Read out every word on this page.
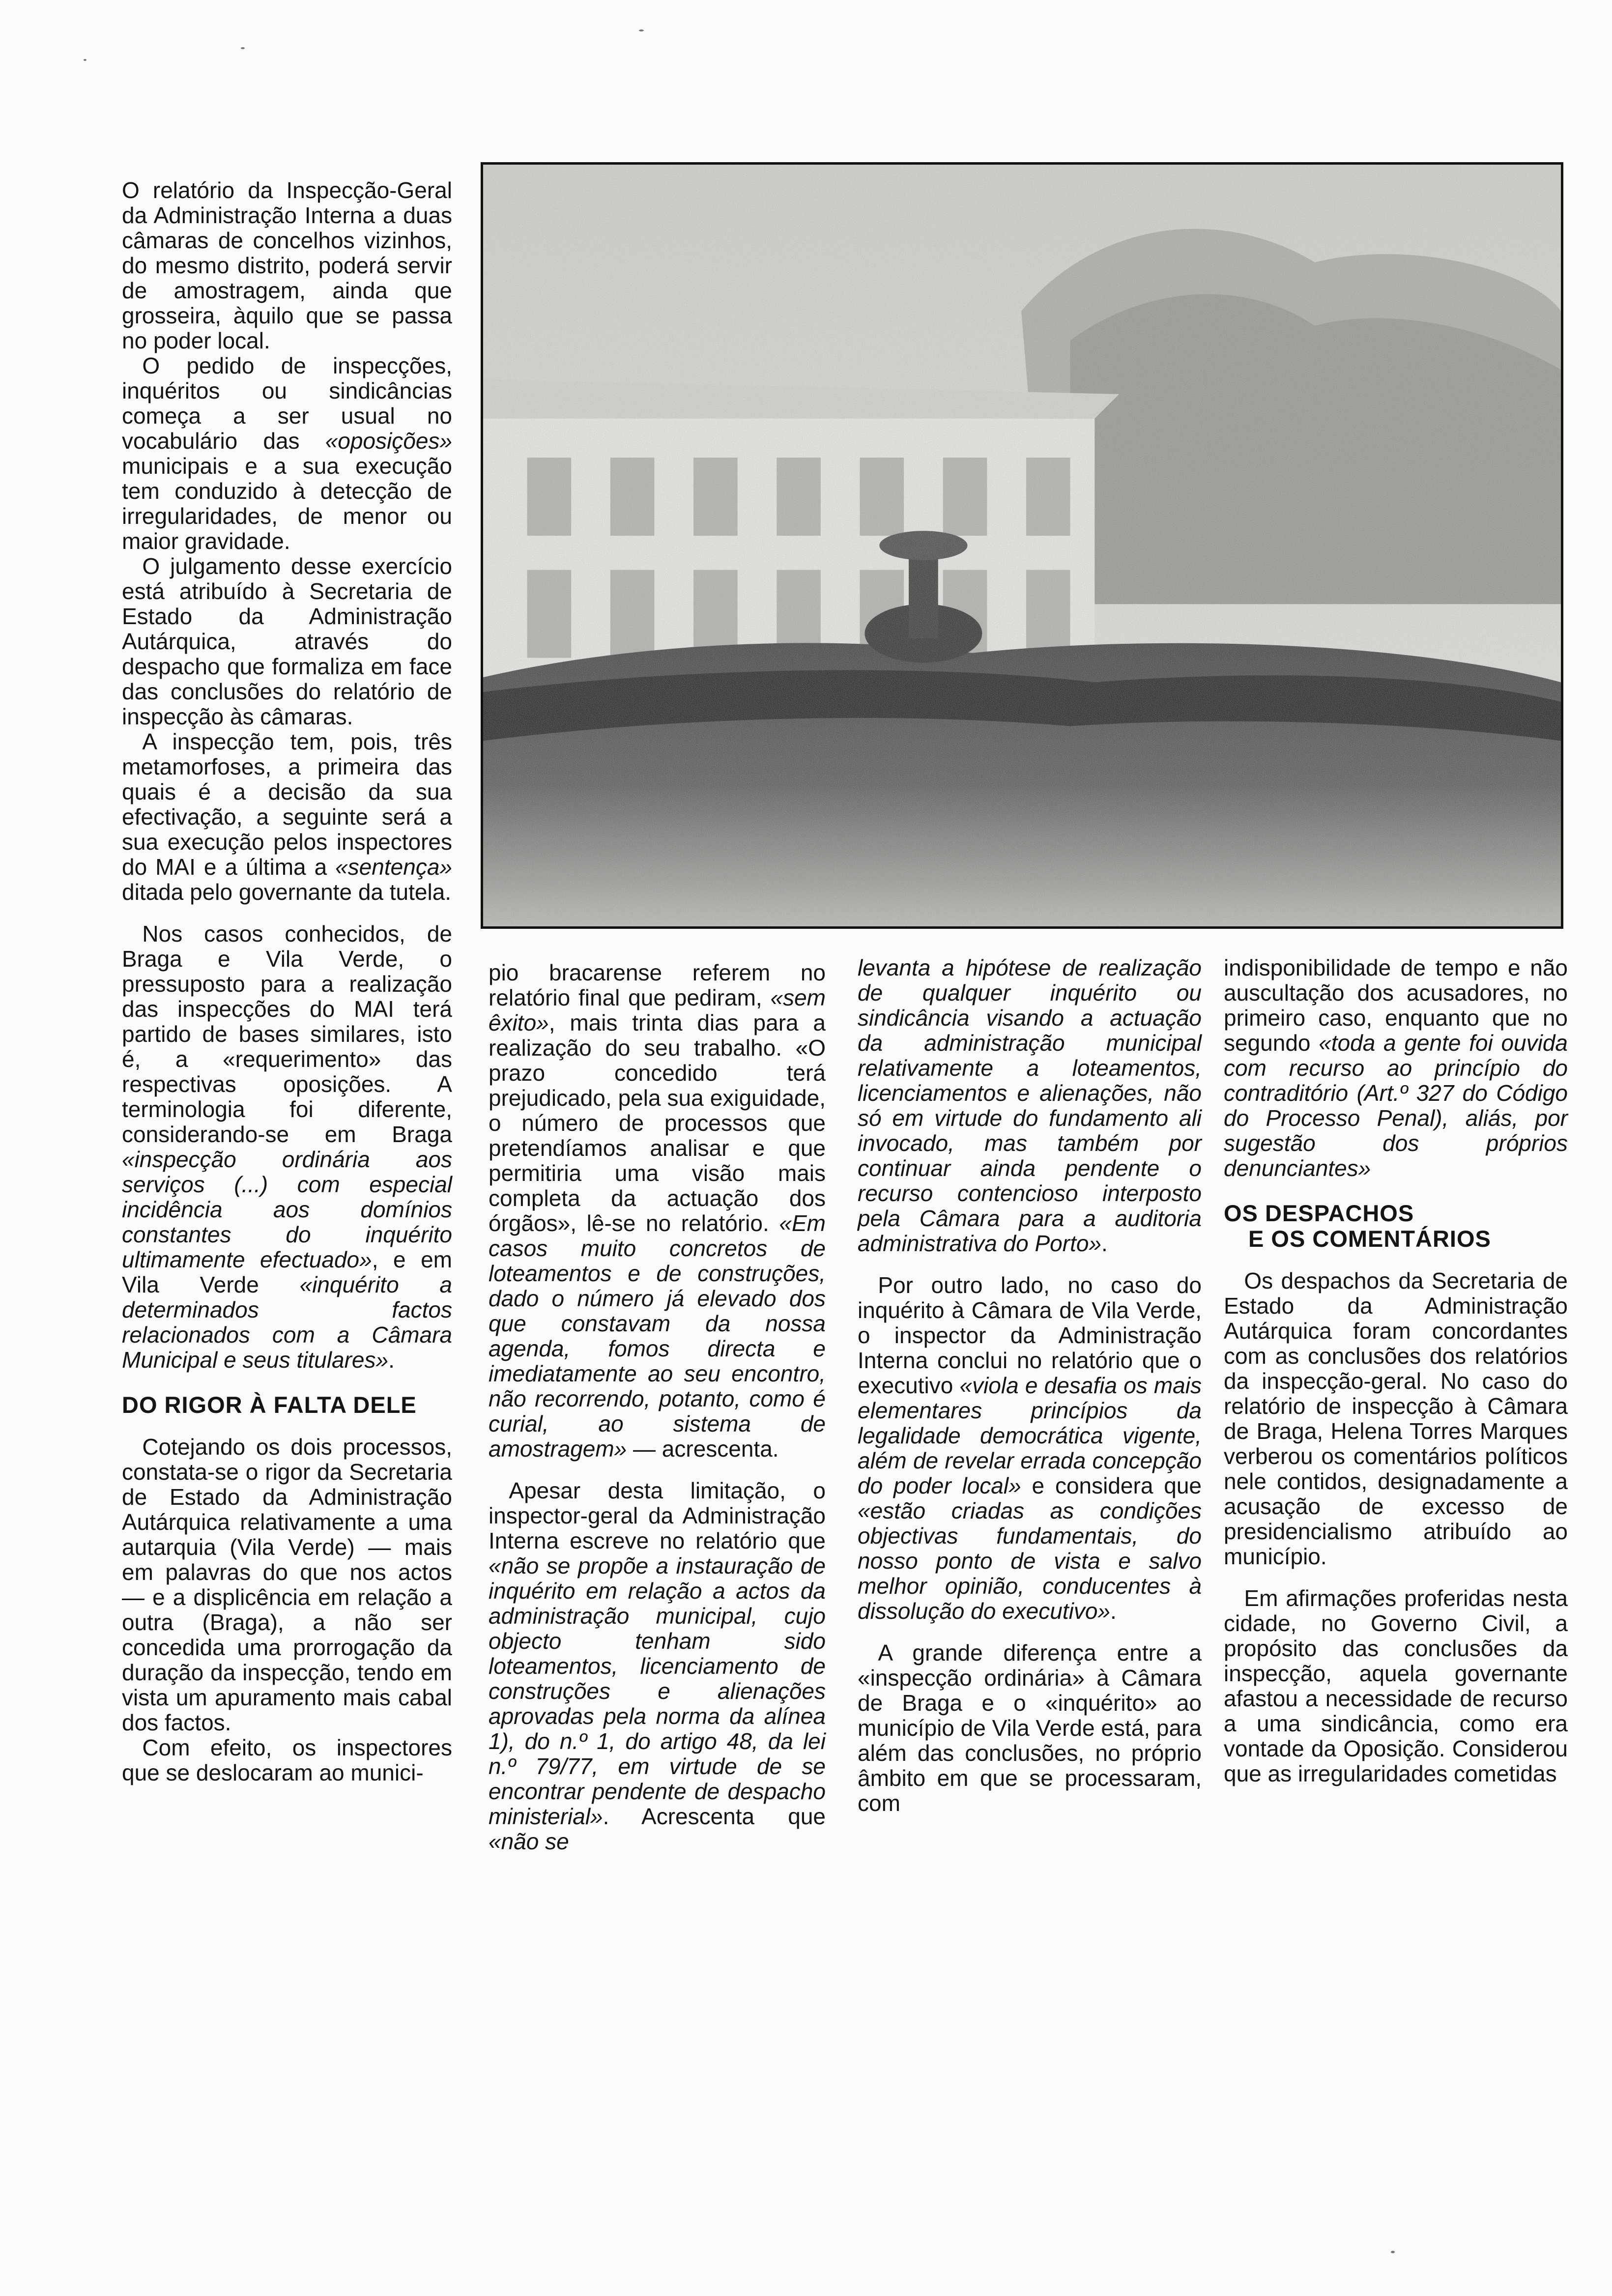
O relatório da Inspecção-Geral da Administração Interna a duas câmaras de concelhos vizinhos, do mesmo distrito, poderá servir de amostragem, ainda que grosseira, àquilo que se passa no poder local.

O pedido de inspecções, inquéritos ou sindicâncias começa a ser usual no vocabulário das «oposições» municipais e a sua execução tem conduzido à detecção de irregularidades, de menor ou maior gravidade.

O julgamento desse exercício está atribuído à Secretaria de Estado da Administração Autárquica, através do despacho que formaliza em face das conclusões do relatório de inspecção às câmaras.

A inspecção tem, pois, três metamorfoses, a primeira das quais é a decisão da sua efectivação, a seguinte será a sua execução pelos inspectores do MAI e a última a «sentença» ditada pelo governante da tutela.

Nos casos conhecidos, de Braga e Vila Verde, o pressuposto para a realização das inspecções do MAI terá partido de bases similares, isto é, a «requerimento» das respectivas oposições. A terminologia foi diferente, considerando-se em Braga «inspecção ordinária aos serviços (...) com especial incidência aos domínios constantes do inquérito ultimamente efectuado», e em Vila Verde «inquérito a determinados factos relacionados com a Câmara Municipal e seus titulares».

DO RIGOR À FALTA DELE

Cotejando os dois processos, constata-se o rigor da Secretaria de Estado da Administração Autárquica relativamente a uma autarquia (Vila Verde) — mais em palavras do que nos actos — e a displicência em relação a outra (Braga), a não ser concedida uma prorrogação da duração da inspecção, tendo em vista um apuramento mais cabal dos factos.

Com efeito, os inspectores que se deslocaram ao munici-

pio bracarense referem no relatório final que pediram, «sem êxito», mais trinta dias para a realização do seu trabalho. «O prazo concedido terá prejudicado, pela sua exiguidade, o número de processos que pretendíamos analisar e que permitiria uma visão mais completa da actuação dos órgãos», lê-se no relatório. «Em casos muito concretos de loteamentos e de construções, dado o número já elevado dos que constavam da nossa agenda, fomos directa e imediatamente ao seu encontro, não recorrendo, potanto, como é curial, ao sistema de amostragem» — acrescenta.

Apesar desta limitação, o inspector-geral da Administração Interna escreve no relatório que «não se propõe a instauração de inquérito em relação a actos da administração municipal, cujo objecto tenham sido loteamentos, licenciamento de construções e alienações aprovadas pela norma da alínea 1), do n.º 1, do artigo 48, da lei n.º 79/77, em virtude de se encontrar pendente de despacho ministerial». Acrescenta que «não se

levanta a hipótese de realização de qualquer inquérito ou sindicância visando a actuação da administração municipal relativamente a loteamentos, licenciamentos e alienações, não só em virtude do fundamento ali invocado, mas também por continuar ainda pendente o recurso contencioso interposto pela Câmara para a auditoria administrativa do Porto».

Por outro lado, no caso do inquérito à Câmara de Vila Verde, o inspector da Administração Interna conclui no relatório que o executivo «viola e desafia os mais elementares princípios da legalidade democrática vigente, além de revelar errada concepção do poder local» e considera que «estão criadas as condições objectivas fundamentais, do nosso ponto de vista e salvo melhor opinião, conducentes à dissolução do executivo».

A grande diferença entre a «inspecção ordinária» à Câmara de Braga e o «inquérito» ao município de Vila Verde está, para além das conclusões, no próprio âmbito em que se processaram, com

indisponibilidade de tempo e não auscultação dos acusadores, no primeiro caso, enquanto que no segundo «toda a gente foi ouvida com recurso ao princípio do contraditório (Art.º 327 do Código do Processo Penal), aliás, por sugestão dos próprios denunciantes»

OS DESPACHOS
E OS COMENTÁRIOS

Os despachos da Secretaria de Estado da Administração Autárquica foram concordantes com as conclusões dos relatórios da inspecção-geral. No caso do relatório de inspecção à Câmara de Braga, Helena Torres Marques verberou os comentários políticos nele contidos, designadamente a acusação de excesso de presidencialismo atribuído ao município.

Em afirmações proferidas nesta cidade, no Governo Civil, a propósito das conclusões da inspecção, aquela governante afastou a necessidade de recurso a uma sindicância, como era vontade da Oposição. Considerou que as irregularidades cometidas
